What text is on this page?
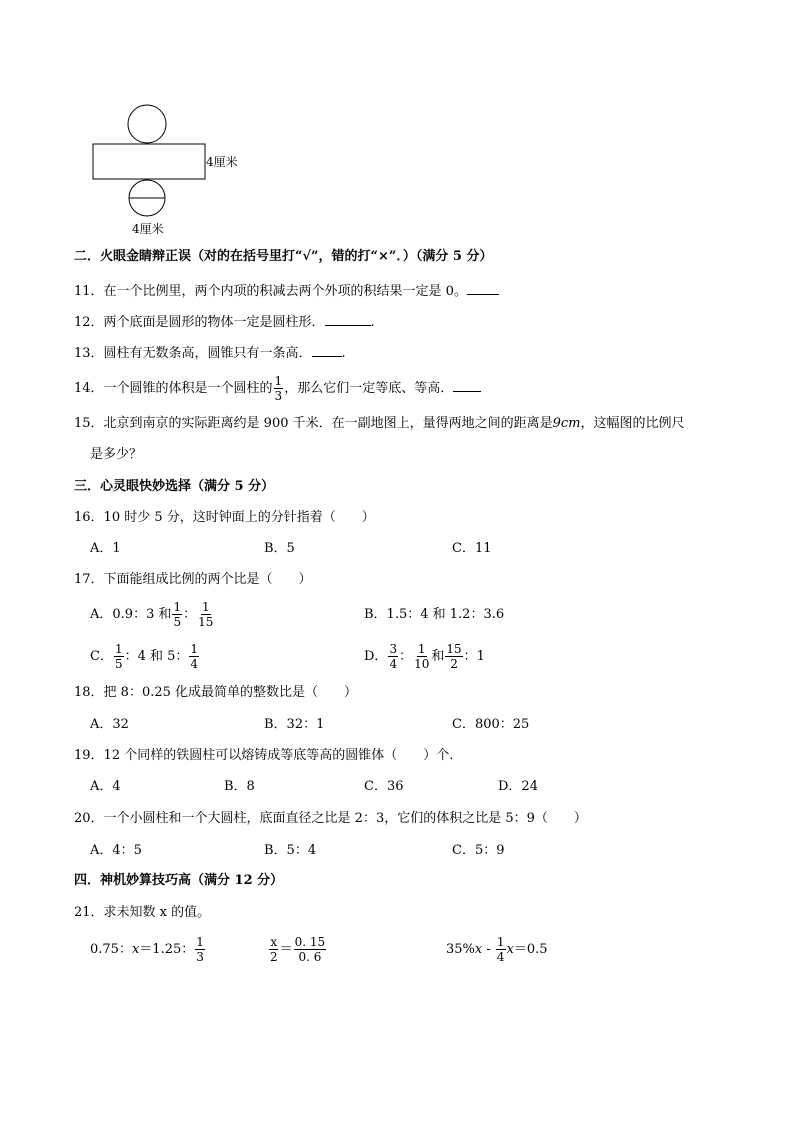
4厘米
4厘米
二．火眼金睛辩正误（对的在括号里打“√”，错的打“×”．）（满分 5 分）
11．在一个比例里，两个内项的积减去两个外项的积结果一定是 0。
12．两个底面是圆形的物体一定是圆柱形．	.
13．圆柱有无数条高，圆锥只有一条高． .
14．一个圆锥的体积是一个圆柱的 $\frac{1}{3}$ ，那么它们一定等底、等高．
15．北京到南京的实际距离约是 900 千米．在一副地图上，量得两地之间的距离是9cm，这幅图的比例尺
是多少？
三．心灵眼快妙选择（满分 5 分）
16．10 时少 5 分，这时钟面上的分针指着（　　）
A．1	B．5	C．11
17．下面能组成比例的两个比是（　　）
A．0.9：3 和 $\frac{1}{5}$ ： $\frac{1}{15}$	B．1.5：4 和 1.2：3.6
C． $\frac{1}{5}$ ：4 和 5： $\frac{1}{4}$	D． $\frac{3}{4}$ ： $\frac{1}{10}$ 和 $\frac{15}{2}$ ：1
18．把 8：0.25 化成最简单的整数比是（　　）
A．32	B．32：1	C．800：25
19．12 个同样的铁圆柱可以熔铸成等底等高的圆锥体（　　）个．
A．4	B．8	C．36	D．24
20．一个小圆柱和一个大圆柱，底面直径之比是 2：3，它们的体积之比是 5：9（　　）
A．4：5	B．5：4	C．5：9
四．神机妙算技巧高（满分 12 分）
21．求未知数 x 的值。
0.75：x＝1.25： $\frac{1}{3}$	$\frac{x}{2} = \frac{0. 15}{0. 6}$	$35\%x - \frac{1}{4} x=0.5$
